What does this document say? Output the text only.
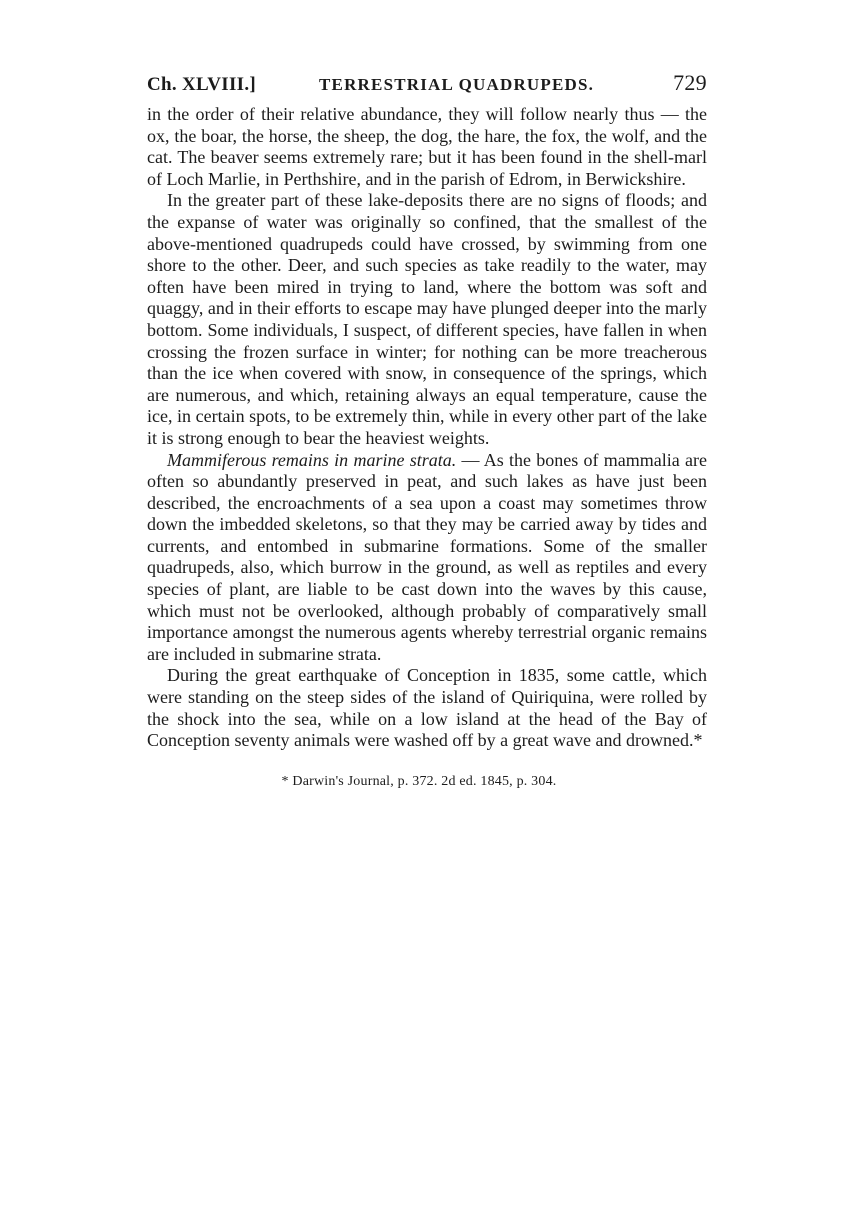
Ch. XLVIII.]	TERRESTRIAL QUADRUPEDS.	729

in the order of their relative abundance, they will follow nearly thus — the ox, the boar, the horse, the sheep, the dog, the hare, the fox, the wolf, and the cat. The beaver seems extremely rare; but it has been found in the shell-marl of Loch Marlie, in Perthshire, and in the parish of Edrom, in Berwickshire.

In the greater part of these lake-deposits there are no signs of floods; and the expanse of water was originally so confined, that the smallest of the above-mentioned quadrupeds could have crossed, by swimming from one shore to the other. Deer, and such species as take readily to the water, may often have been mired in trying to land, where the bottom was soft and quaggy, and in their efforts to escape may have plunged deeper into the marly bottom. Some individuals, I suspect, of different species, have fallen in when crossing the frozen surface in winter; for nothing can be more treacherous than the ice when covered with snow, in consequence of the springs, which are numerous, and which, retaining always an equal temperature, cause the ice, in certain spots, to be extremely thin, while in every other part of the lake it is strong enough to bear the heaviest weights.

Mammiferous remains in marine strata. — As the bones of mammalia are often so abundantly preserved in peat, and such lakes as have just been described, the encroachments of a sea upon a coast may sometimes throw down the imbedded skeletons, so that they may be carried away by tides and currents, and entombed in submarine formations. Some of the smaller quadrupeds, also, which burrow in the ground, as well as reptiles and every species of plant, are liable to be cast down into the waves by this cause, which must not be overlooked, although probably of comparatively small importance amongst the numerous agents whereby terrestrial organic remains are included in submarine strata.

During the great earthquake of Conception in 1835, some cattle, which were standing on the steep sides of the island of Quiriquina, were rolled by the shock into the sea, while on a low island at the head of the Bay of Conception seventy animals were washed off by a great wave and drowned.*

* Darwin's Journal, p. 372. 2d ed. 1845, p. 304.
